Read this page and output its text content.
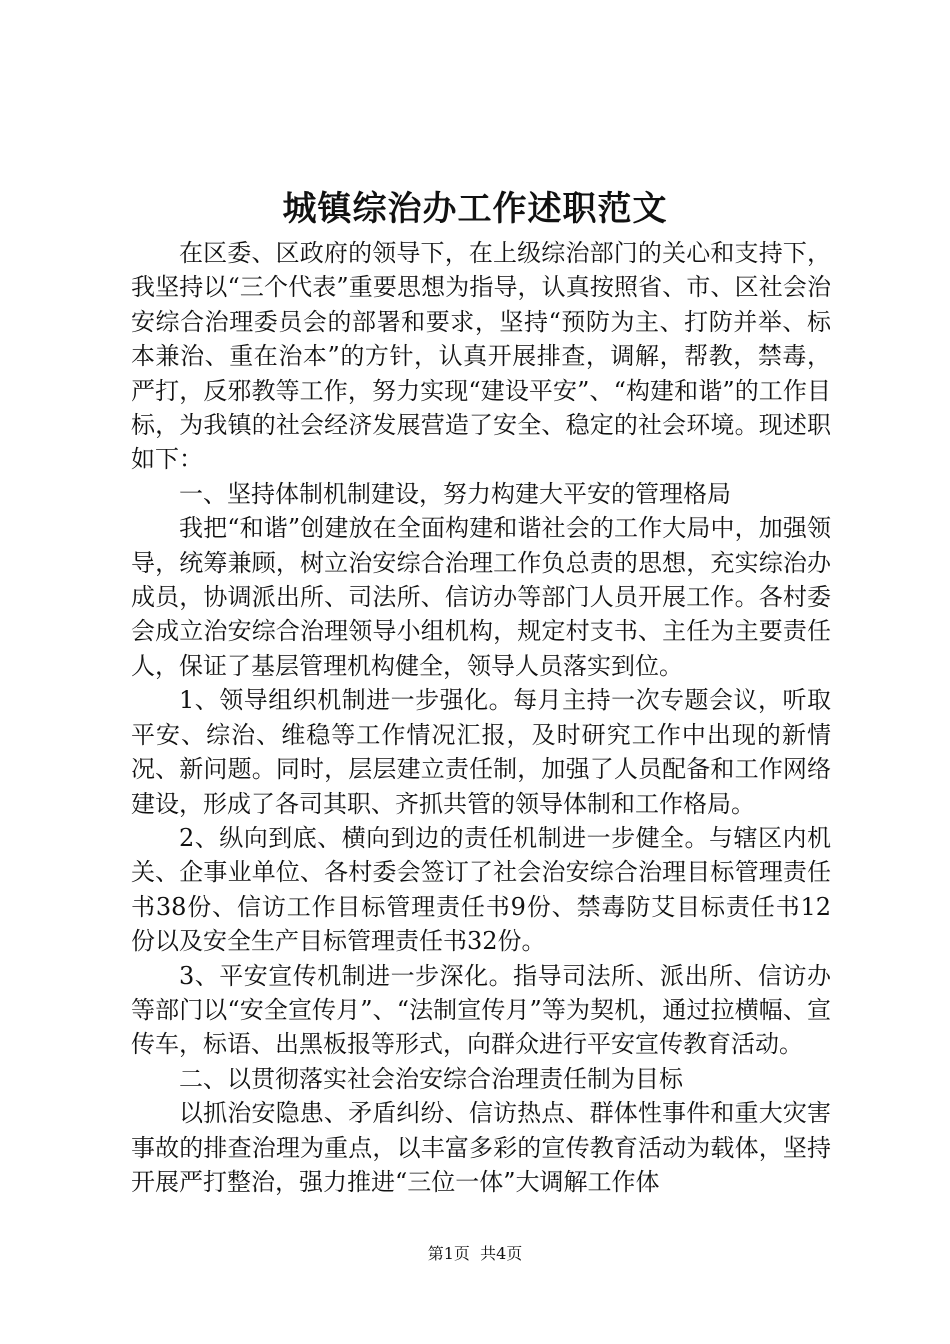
城镇综治办工作述职范文

在区委、区政府的领导下，在上级综治部门的关心和支持下，我坚持以“三个代表”重要思想为指导，认真按照省、市、区社会治安综合治理委员会的部署和要求，坚持“预防为主、打防并举、标本兼治、重在治本”的方针，认真开展排查，调解，帮教，禁毒，严打，反邪教等工作，努力实现“建设平安”、“构建和谐”的工作目标，为我镇的社会经济发展营造了安全、稳定的社会环境。现述职如下：

一、坚持体制机制建设，努力构建大平安的管理格局

我把“和谐”创建放在全面构建和谐社会的工作大局中，加强领导，统筹兼顾，树立治安综合治理工作负总责的思想，充实综治办成员，协调派出所、司法所、信访办等部门人员开展工作。各村委会成立治安综合治理领导小组机构，规定村支书、主任为主要责任人，保证了基层管理机构健全，领导人员落实到位。

1、领导组织机制进一步强化。每月主持一次专题会议，听取平安、综治、维稳等工作情况汇报，及时研究工作中出现的新情况、新问题。同时，层层建立责任制，加强了人员配备和工作网络建设，形成了各司其职、齐抓共管的领导体制和工作格局。

2、纵向到底、横向到边的责任机制进一步健全。与辖区内机关、企事业单位、各村委会签订了社会治安综合治理目标管理责任书38份、信访工作目标管理责任书9份、禁毒防艾目标责任书12份以及安全生产目标管理责任书32份。

3、平安宣传机制进一步深化。指导司法所、派出所、信访办等部门以“安全宣传月”、“法制宣传月”等为契机，通过拉横幅、宣传车，标语、出黑板报等形式，向群众进行平安宣传教育活动。

二、以贯彻落实社会治安综合治理责任制为目标

以抓治安隐患、矛盾纠纷、信访热点、群体性事件和重大灾害事故的排查治理为重点，以丰富多彩的宣传教育活动为载体，坚持开展严打整治，强力推进“三位一体”大调解工作体

第1页 共4页
